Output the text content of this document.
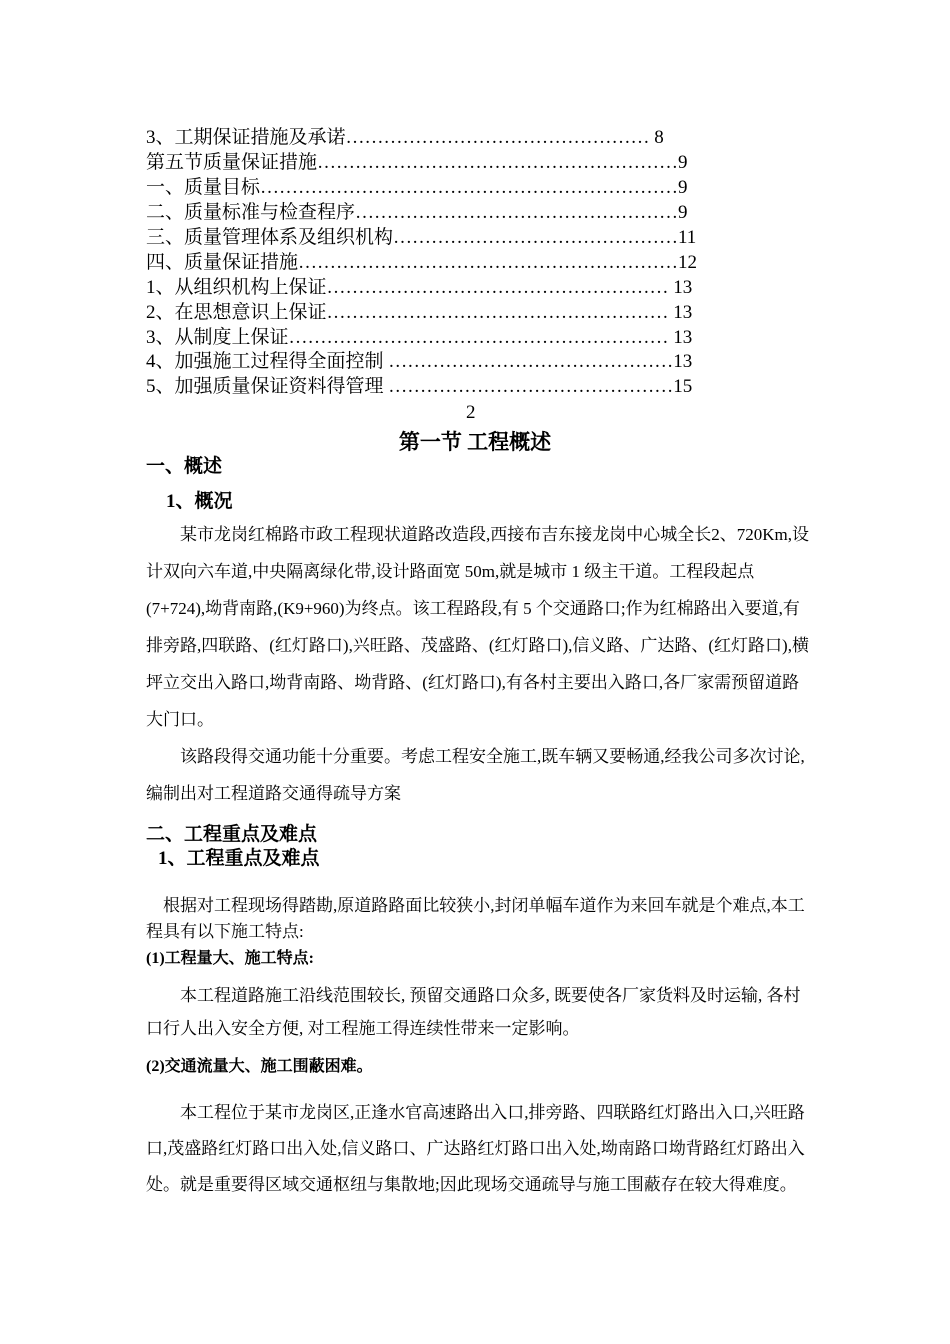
3、工期保证措施及承诺………………………………………… 8
第五节质量保证措施…………………………………………………9
一、质量目标…………………………………………………………9
二、质量标准与检查程序……………………………………………9
三、质量管理体系及组织机构………………………………………11
四、质量保证措施……………………………………………………12
1、从组织机构上保证……………………………………………… 13
2、在思想意识上保证……………………………………………… 13
3、从制度上保证…………………………………………………… 13
4、加强施工过程得全面控制 ………………………………………13
5、加强质量保证资料得管理 ………………………………………15
2
第一节 工程概述
一、概述
1、概况
某市龙岗红棉路市政工程现状道路改造段,西接布吉东接龙岗中心城全长2、720Km,设计双向六车道,中央隔离绿化带,设计路面宽 50m,就是城市 1 级主干道。工程段起点(7+724),坳背南路,(K9+960)为终点。该工程路段,有 5 个交通路口;作为红棉路出入要道,有排旁路,四联路、(红灯路口),兴旺路、茂盛路、(红灯路口),信义路、广达路、(红灯路口),横坪立交出入路口,坳背南路、坳背路、(红灯路口),有各村主要出入路口,各厂家需预留道路大门口。
该路段得交通功能十分重要。考虑工程安全施工,既车辆又要畅通,经我公司多次讨论,编制出对工程道路交通得疏导方案
二、工程重点及难点
1、工程重点及难点
根据对工程现场得踏勘,原道路路面比较狭小,封闭单幅车道作为来回车就是个难点,本工程具有以下施工特点:
(1)工程量大、施工特点:
本工程道路施工沿线范围较长, 预留交通路口众多, 既要使各厂家货料及时运输, 各村口行人出入安全方便, 对工程施工得连续性带来一定影响。
(2)交通流量大、施工围蔽困难。
本工程位于某市龙岗区,正逢水官高速路出入口,排旁路、四联路红灯路出入口,兴旺路口,茂盛路红灯路口出入处,信义路口、广达路红灯路口出入处,坳南路口坳背路红灯路出入处。就是重要得区域交通枢纽与集散地;因此现场交通疏导与施工围蔽存在较大得难度。
